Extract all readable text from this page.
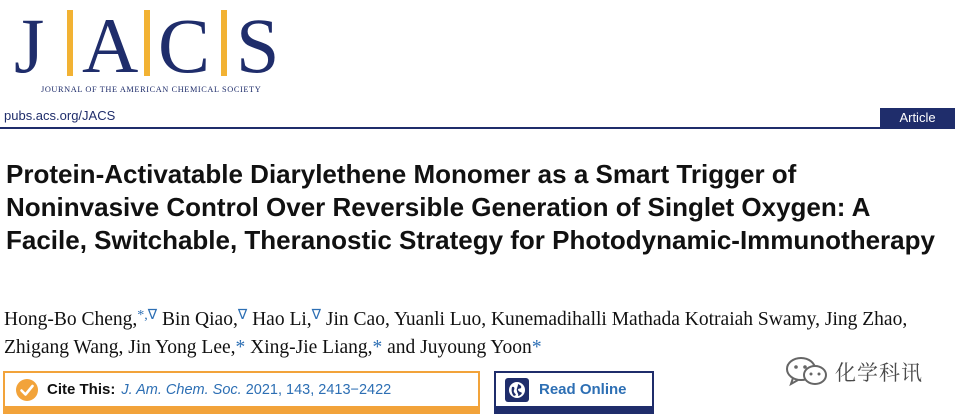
J A C S
JOURNAL OF THE AMERICAN CHEMICAL SOCIETY
pubs.acs.org/JACS	Article
Protein-Activatable Diarylethene Monomer as a Smart Trigger of Noninvasive Control Over Reversible Generation of Singlet Oxygen: A Facile, Switchable, Theranostic Strategy for Photodynamic-Immunotherapy
Hong-Bo Cheng,*,∇ Bin Qiao,∇ Hao Li,∇ Jin Cao, Yuanli Luo, Kunemadihalli Mathada Kotraiah Swamy, Jing Zhao, Zhigang Wang, Jin Yong Lee,* Xing-Jie Liang,* and Juyoung Yoon*
化学科讯
Cite This: J. Am. Chem. Soc. 2021, 143, 2413−2422	Read Online
